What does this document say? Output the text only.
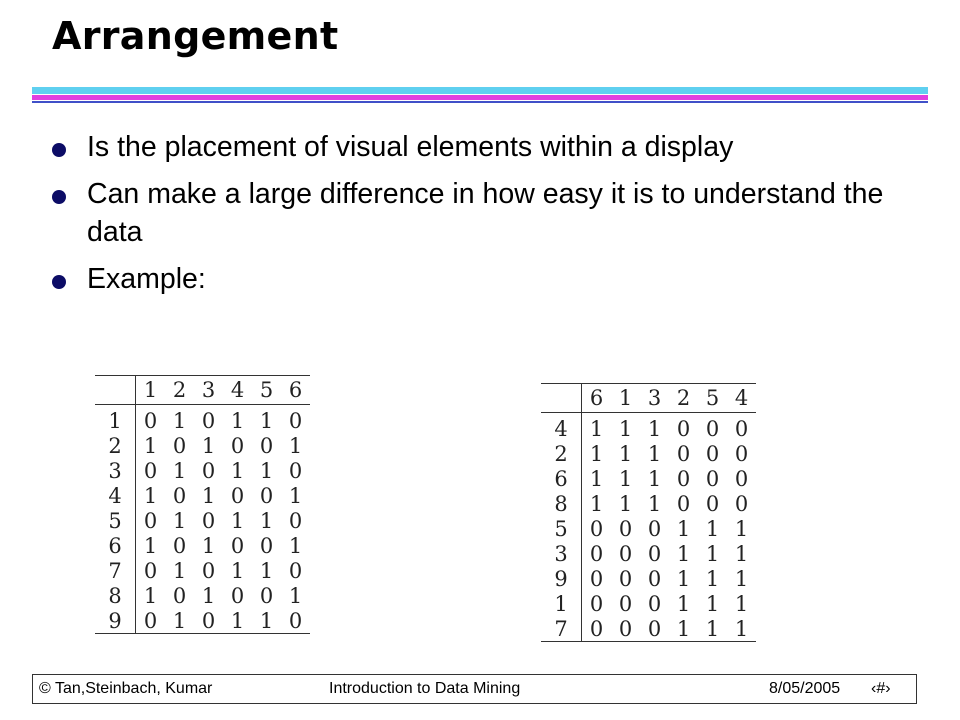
Arrangement
Is the placement of visual elements within a display
Can make a large difference in how easy it is to understand the data
Example:
	1	2	3	4	5	6
1	0	1	0	1	1	0
2	1	0	1	0	0	1
3	0	1	0	1	1	0
4	1	0	1	0	0	1
5	0	1	0	1	1	0
6	1	0	1	0	0	1
7	0	1	0	1	1	0
8	1	0	1	0	0	1
9	0	1	0	1	1	0
	6	1	3	2	5	4
4	1	1	1	0	0	0
2	1	1	1	0	0	0
6	1	1	1	0	0	0
8	1	1	1	0	0	0
5	0	0	0	1	1	1
3	0	0	0	1	1	1
9	0	0	0	1	1	1
1	0	0	0	1	1	1
7	0	0	0	1	1	1
© Tan,Steinbach, Kumar	Introduction to Data Mining	8/05/2005 ‹#›
